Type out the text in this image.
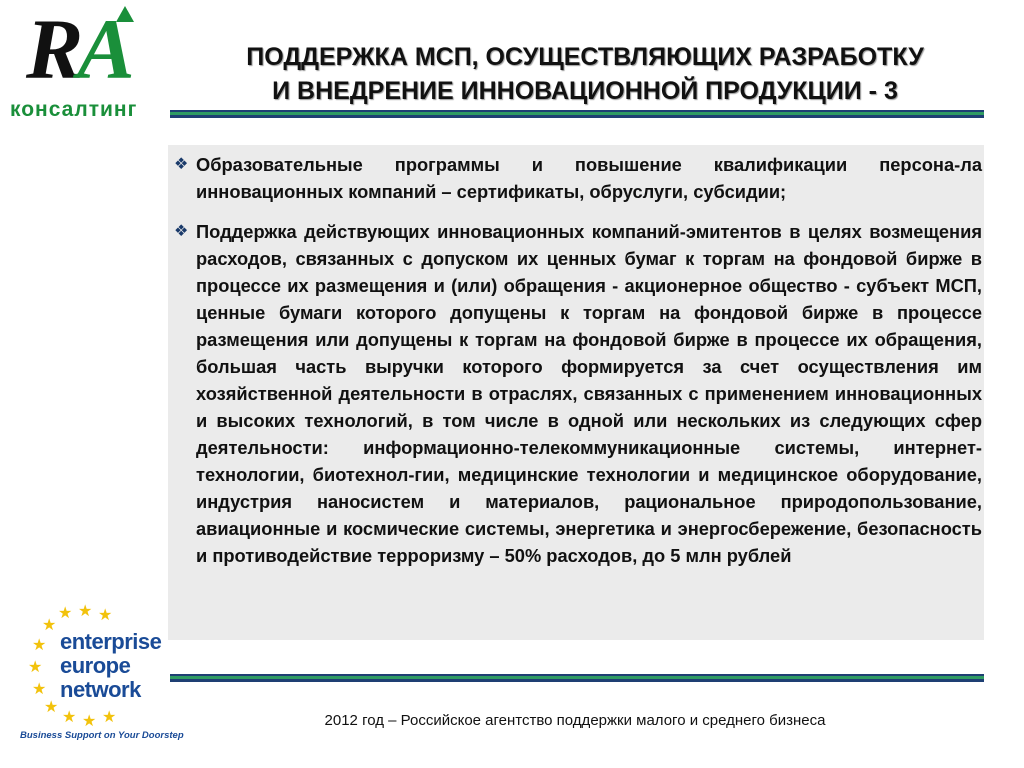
RA
консалтинг
ПОДДЕРЖКА МСП, ОСУЩЕСТВЛЯЮЩИХ РАЗРАБОТКУ
И ВНЕДРЕНИЕ ИННОВАЦИОННОЙ ПРОДУКЦИИ - 3
❖ Образовательные программы и повышение квалификации персона-ла инновационных компаний – сертификаты, обруслуги, субсидии;

❖ Поддержка действующих инновационных компаний-эмитентов в целях возмещения расходов, связанных с допуском их ценных бумаг к торгам на фондовой бирже в процессе их размещения и (или) обращения - акционерное общество - субъект МСП, ценные бумаги которого допущены к торгам на фондовой бирже в процессе размещения или допущены к торгам на фондовой бирже в процессе их обращения, большая часть выручки которого формируется за счет осуществления им хозяйственной деятельности в отраслях, связанных с применением инновационных и высоких технологий, в том числе в одной или нескольких из следующих сфер деятельности: информационно-телекоммуникационные системы, интернет-технологии, биотехнол-гии, медицинские технологии и медицинское оборудование, индустрия наносистем и материалов, рациональное природопользование, авиационные и космические системы, энергетика и энергосбережение, безопасность и противодействие терроризму – 50% расходов, до 5 млн рублей

★ ★ ★
★
★
★
★
★
★ ★ ★
enterprise
europe
network
Business Support on Your Doorstep
2012 год – Российское агентство поддержки малого и среднего бизнеса
